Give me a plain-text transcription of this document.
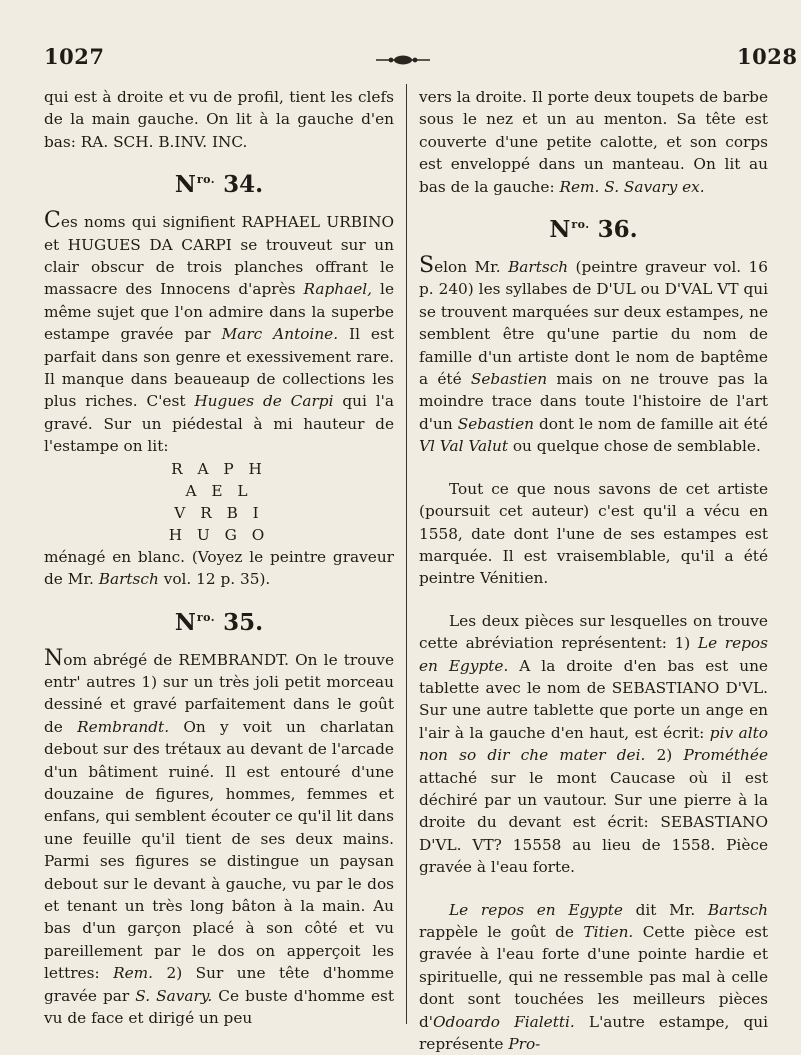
1027	1028

qui est à droite et vu de profil, tient les clefs de la main gauche. On lit à la gauche d'en bas: RA. SCH. B.INV. INC.

$N^{ro.}$ 34.

Ces noms qui signifient RAPHAEL URBINO et HUGUES DA CARPI se trouveut sur un clair obscur de trois planches offrant le massacre des Innocens d'après Raphael, le même sujet que l'on admire dans la superbe estampe gravée par Marc Antoine. Il est parfait dans son genre et exessivement rare. Il manque dans beaueaup de collections les plus riches. C'est Hugues de Carpi qui l'a gravé. Sur un piédestal à mi hauteur de l'estampe on lit:

R A P H
A E L
V R B I
H U G O

ménagé en blanc. (Voyez le peintre graveur de Mr. Bartsch vol. 12 p. 35).

$N^{ro.}$ 35.

Nom abrégé de REMBRANDT. On le trouve entr' autres 1) sur un très joli petit morceau dessiné et gravé parfaitement dans le goût de Rembrandt. On y voit un charlatan debout sur des trétaux au devant de l'arcade d'un bâtiment ruiné. Il est entouré d'une douzaine de figures, hommes, femmes et enfans, qui semblent écouter ce qu'il lit dans une feuille qu'il tient de ses deux mains. Parmi ses figures se distingue un paysan debout sur le devant à gauche, vu par le dos et tenant un très long bâton à la main. Au bas d'un garçon placé à son côté et vu pareillement par le dos on apperçoit les lettres: Rem. 2) Sur une tête d'homme gravée par S. Savary. Ce buste d'homme est vu de face et dirigé un peu

vers la droite. Il porte deux toupets de barbe sous le nez et un au menton. Sa tête est couverte d'une petite calotte, et son corps est enveloppé dans un manteau. On lit au bas de la gauche: Rem. S. Savary ex.

$N^{ro.}$ 36.

Selon Mr. Bartsch (peintre graveur vol. 16 p. 240) les syllabes de D'UL ou D'VAL VT qui se trouvent marquées sur deux estampes, ne semblent être qu'une partie du nom de famille d'un artiste dont le nom de baptême a été Sebastien mais on ne trouve pas la moindre trace dans toute l'histoire de l'art d'un Sebastien dont le nom de famille ait été Vl Val Valut ou quelque chose de semblable.

Tout ce que nous savons de cet artiste (poursuit cet auteur) c'est qu'il a vécu en 1558, date dont l'une de ses estampes est marquée. Il est vraisemblable, qu'il a été peintre Vénitien.

Les deux pièces sur lesquelles on trouve cette abréviation représentent: 1) Le repos en Egypte. A la droite d'en bas est une tablette avec le nom de SEBASTIANO D'VL. Sur une autre tablette que porte un ange en l'air à la gauche d'en haut, est écrit: piv alto non so dir che mater dei. 2) Prométhée attaché sur le mont Caucase où il est déchiré par un vautour. Sur une pierre à la droite du devant est écrit: SEBASTIANO D'VL. VT? 15558 au lieu de 1558. Pièce gravée à l'eau forte.

Le repos en Egypte dit Mr. Bartsch rappèle le goût de Titien. Cette pièce est gravée à l'eau forte d'une pointe hardie et spirituelle, qui ne ressemble pas mal à celle dont sont touchées les meilleurs pièces d'Odoardo Fialetti. L'autre estampe, qui représente Pro-
